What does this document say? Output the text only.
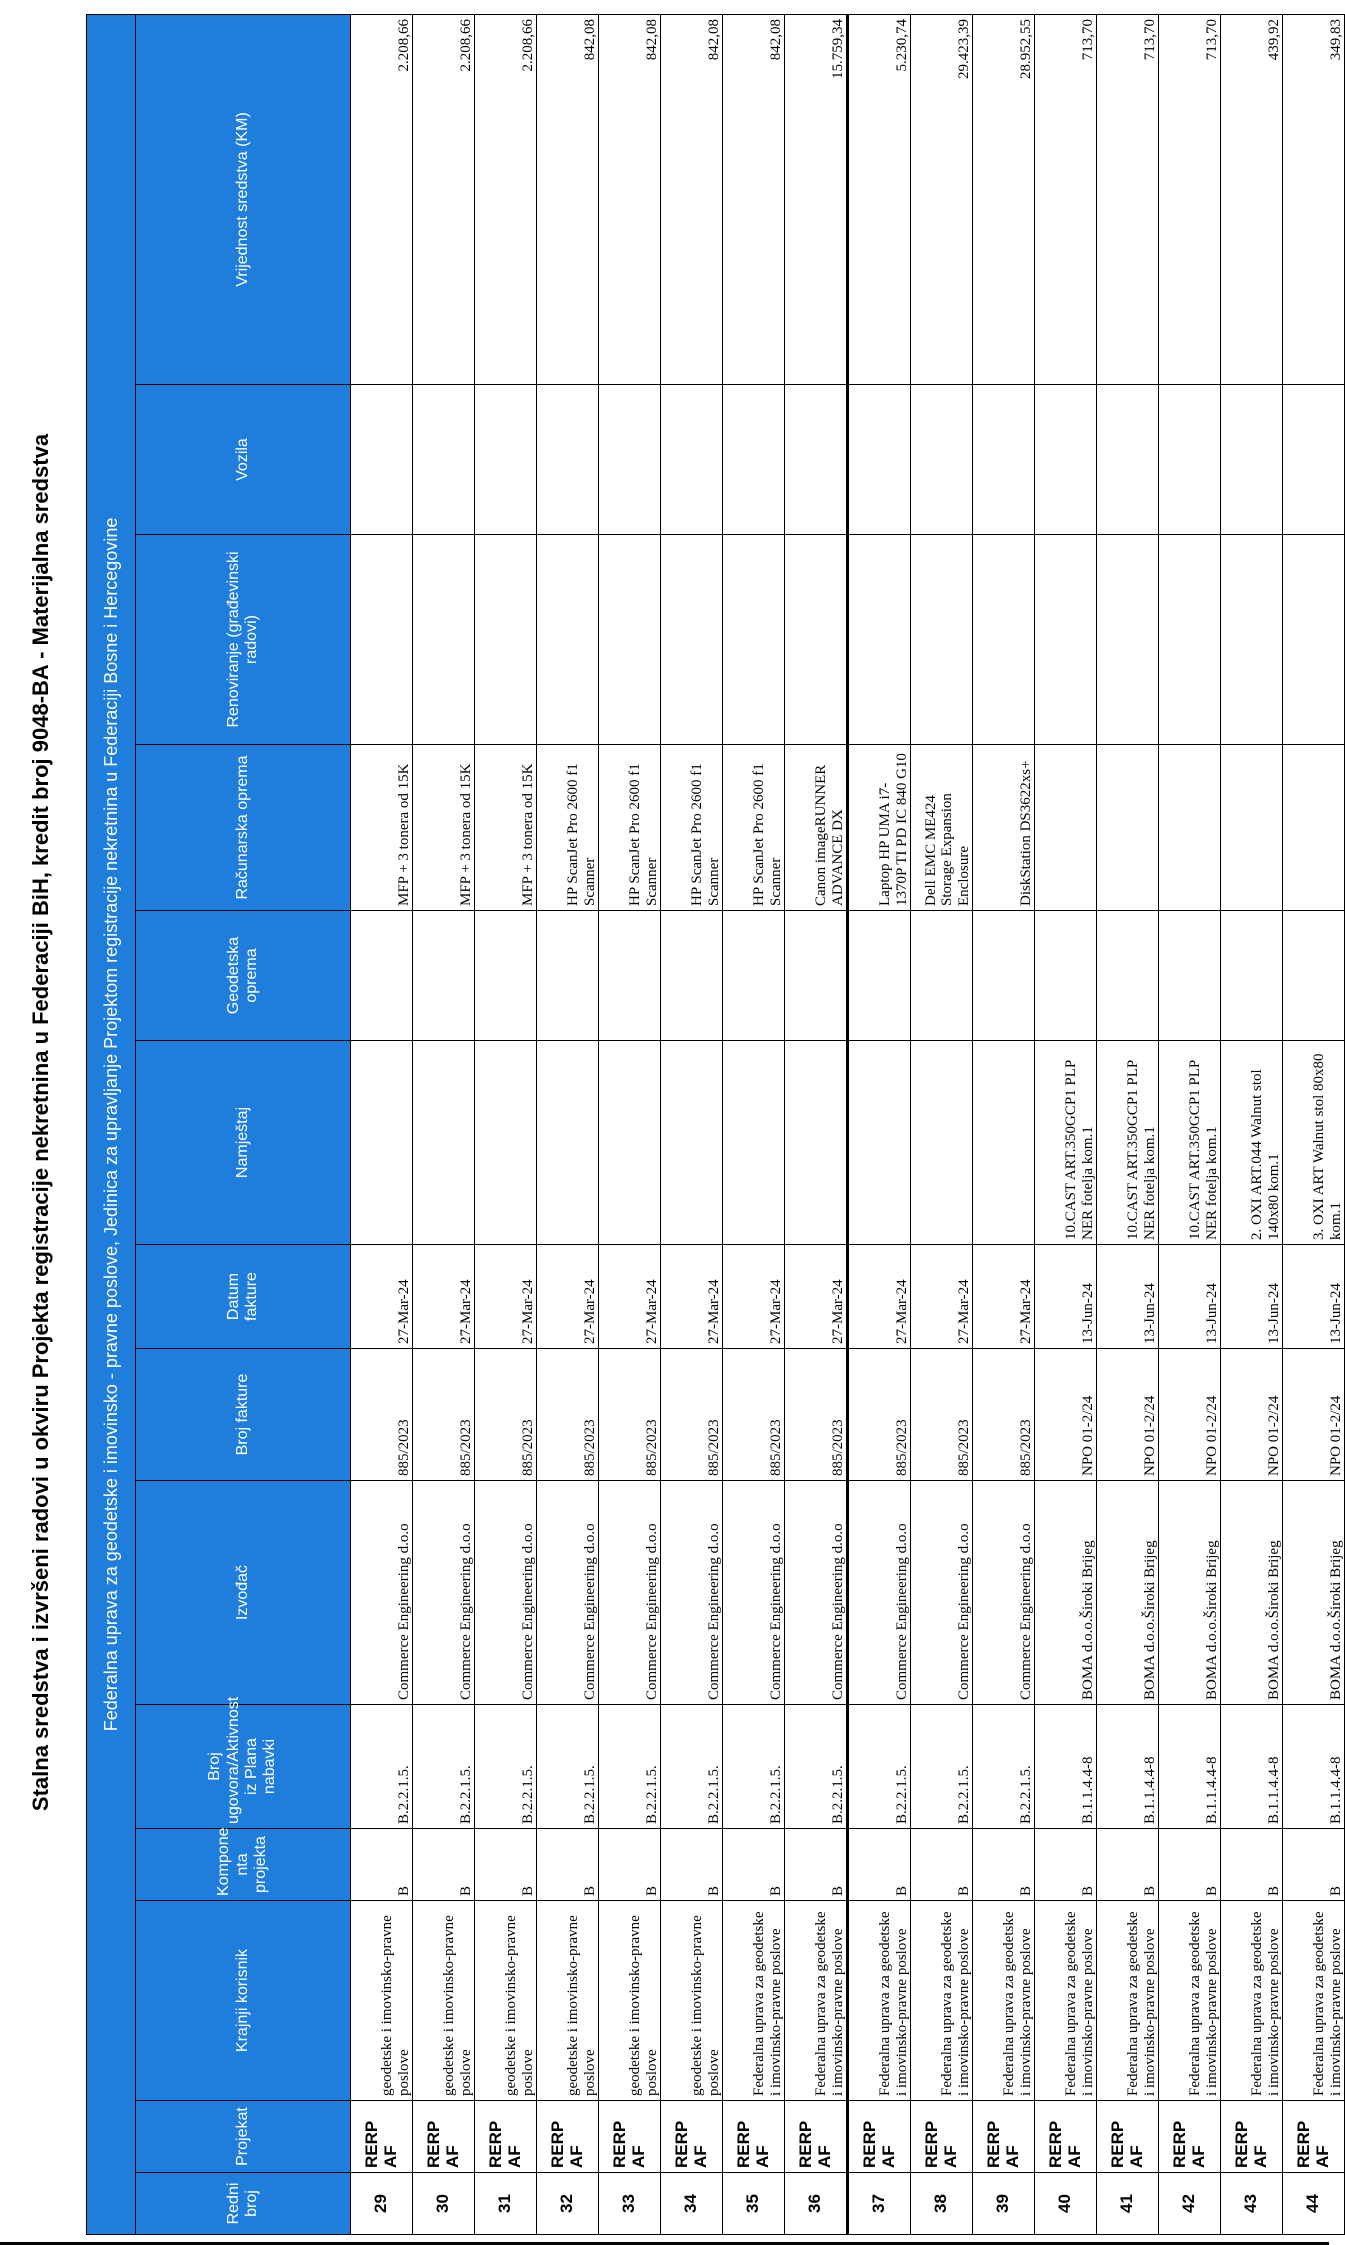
Stalna sredstva i izvršeni radovi u okviru Projekta registracije nekretnina u Federaciji BiH, kredit broj 9048-BA - Materijalna sredstva	Federalna uprava za geodetske i imovinsko - pravne poslove, Jedinica za upravljanje Projektom registracije nekretnina u Federaciji Bosne i Hercegovine													
Redni broj	Projekat	Krajnji korisnik	Kompone nta projekta	Broj ugovora/Aktivnost iz Plana nabavki	Izvođač	Broj fakture	Datum fakture	Namještaj	Geodetska oprema	Računarska oprema	Renoviranje (građevinski radovi)	Vozila	Vrijednost sredstva (KM)
29	RERP AF	geodetske i imovinsko-pravne poslove	B	B.2.2.1.5.	Commerce Engineering d.o.o	885/2023	27-Mar-24			MFP + 3 tonera od 15K			2.208,66
30	RERP AF	geodetske i imovinsko-pravne poslove	B	B.2.2.1.5.	Commerce Engineering d.o.o	885/2023	27-Mar-24			MFP + 3 tonera od 15K			2.208,66
31	RERP AF	geodetske i imovinsko-pravne poslove	B	B.2.2.1.5.	Commerce Engineering d.o.o	885/2023	27-Mar-24			MFP + 3 tonera od 15K			2.208,66
32	RERP AF	geodetske i imovinsko-pravne poslove	B	B.2.2.1.5.	Commerce Engineering d.o.o	885/2023	27-Mar-24			HP ScanJet Pro 2600 f1 Scanner			842,08
33	RERP AF	geodetske i imovinsko-pravne poslove	B	B.2.2.1.5.	Commerce Engineering d.o.o	885/2023	27-Mar-24			HP ScanJet Pro 2600 f1 Scanner			842,08
34	RERP AF	geodetske i imovinsko-pravne poslove	B	B.2.2.1.5.	Commerce Engineering d.o.o	885/2023	27-Mar-24			HP ScanJet Pro 2600 f1 Scanner			842,08
35	RERP AF	Federalna uprava za geodetske i imovinsko-pravne poslove	B	B.2.2.1.5.	Commerce Engineering d.o.o	885/2023	27-Mar-24			HP ScanJet Pro 2600 f1 Scanner			842,08
36	RERP AF	Federalna uprava za geodetske i imovinsko-pravne poslove	B	B.2.2.1.5.	Commerce Engineering d.o.o	885/2023	27-Mar-24			Canon imageRUNNER ADVANCE DX			15.759,34
37	RERP AF	Federalna uprava za geodetske i imovinsko-pravne poslove	B	B.2.2.1.5.	Commerce Engineering d.o.o	885/2023	27-Mar-24			Laptop HP UMA i7-1370P TI PD IC 840 G10			5.230,74
38	RERP AF	Federalna uprava za geodetske i imovinsko-pravne poslove	B	B.2.2.1.5.	Commerce Engineering d.o.o	885/2023	27-Mar-24			Dell EMC ME424 Storage Expansion Enclosure			29.423,39
39	RERP AF	Federalna uprava za geodetske i imovinsko-pravne poslove	B	B.2.2.1.5.	Commerce Engineering d.o.o	885/2023	27-Mar-24			DiskStation DS3622xs+			28.952,55
40	RERP AF	Federalna uprava za geodetske i imovinsko-pravne poslove	B	B.1.1.4.4-8	BOMA d.o.o.Široki Brijeg	NPO 01-2/24	13-Jun-24	10.CAST ART.350GCP1 PLP NER fotelja kom.1					713,70
41	RERP AF	Federalna uprava za geodetske i imovinsko-pravne poslove	B	B.1.1.4.4-8	BOMA d.o.o.Široki Brijeg	NPO 01-2/24	13-Jun-24	10.CAST ART.350GCP1 PLP NER fotelja kom.1					713,70
42	RERP AF	Federalna uprava za geodetske i imovinsko-pravne poslove	B	B.1.1.4.4-8	BOMA d.o.o.Široki Brijeg	NPO 01-2/24	13-Jun-24	10.CAST ART.350GCP1 PLP NER fotelja kom.1					713,70
43	RERP AF	Federalna uprava za geodetske i imovinsko-pravne poslove	B	B.1.1.4.4-8	BOMA d.o.o.Široki Brijeg	NPO 01-2/24	13-Jun-24	2. OXI ART.044 Walnut stol 140x80 kom.1					439,92
44	RERP AF	Federalna uprava za geodetske i imovinsko-pravne poslove	B	B.1.1.4.4-8	BOMA d.o.o.Široki Brijeg	NPO 01-2/24	13-Jun-24	3. OXI ART Walnut stol 80x80 kom.1					349,83
